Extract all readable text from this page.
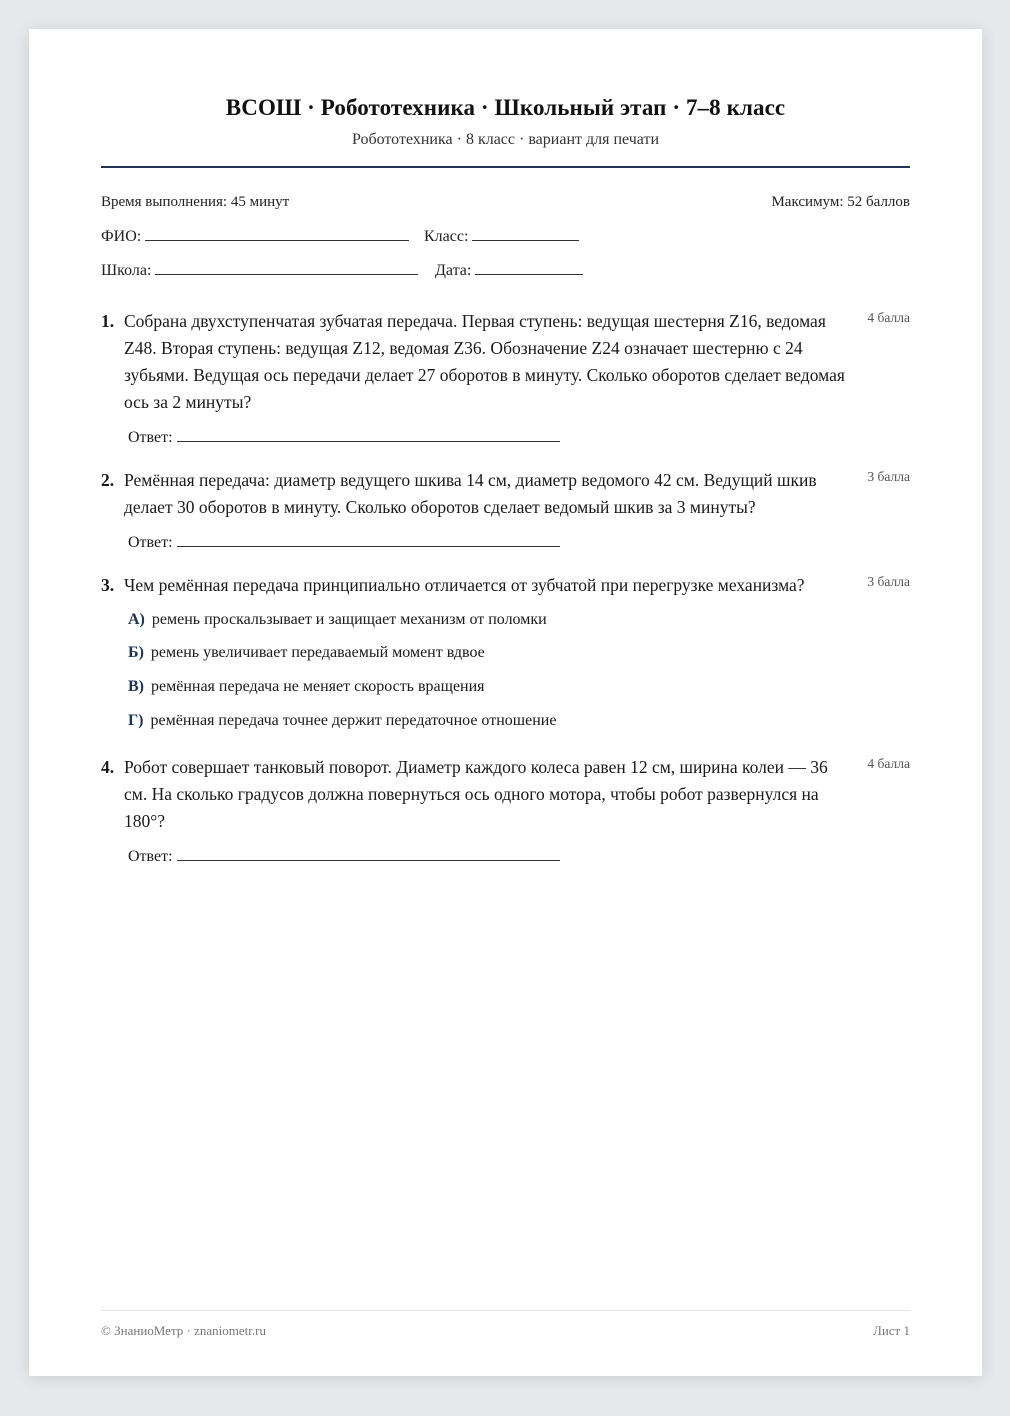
ВСОШ · Робототехника · Школьный этап · 7–8 класс
Робототехника · 8 класс · вариант для печати
Время выполнения: 45 минут	Максимум: 52 баллов
ФИО:	Класс:
Школа:	Дата:
1. Собрана двухступенчатая зубчатая передача. Первая ступень: ведущая шестерня Z16, ведомая Z48. Вторая ступень: ведущая Z12, ведомая Z36. Обозначение Z24 означает шестерню с 24 зубьями. Ведущая ось передачи делает 27 оборотов в минуту. Сколько оборотов сделает ведомая ось за 2 минуты?
4 балла
Ответ:
2. Ремённая передача: диаметр ведущего шкива 14 см, диаметр ведомого 42 см. Ведущий шкив делает 30 оборотов в минуту. Сколько оборотов сделает ведомый шкив за 3 минуты?
3 балла
Ответ:
3. Чем ремённая передача принципиально отличается от зубчатой при перегрузке механизма?	3 балла
А) ремень проскальзывает и защищает механизм от поломки
Б) ремень увеличивает передаваемый момент вдвое
В) ремённая передача не меняет скорость вращения
Г) ремённая передача точнее держит передаточное отношение
4. Робот совершает танковый поворот. Диаметр каждого колеса равен 12 см, ширина колеи — 36 см. На сколько градусов должна повернуться ось одного мотора, чтобы робот развернулся на 180°?
4 балла
Ответ:
© ЗнаниоМетр · znaniometr.ru	Лист 1
